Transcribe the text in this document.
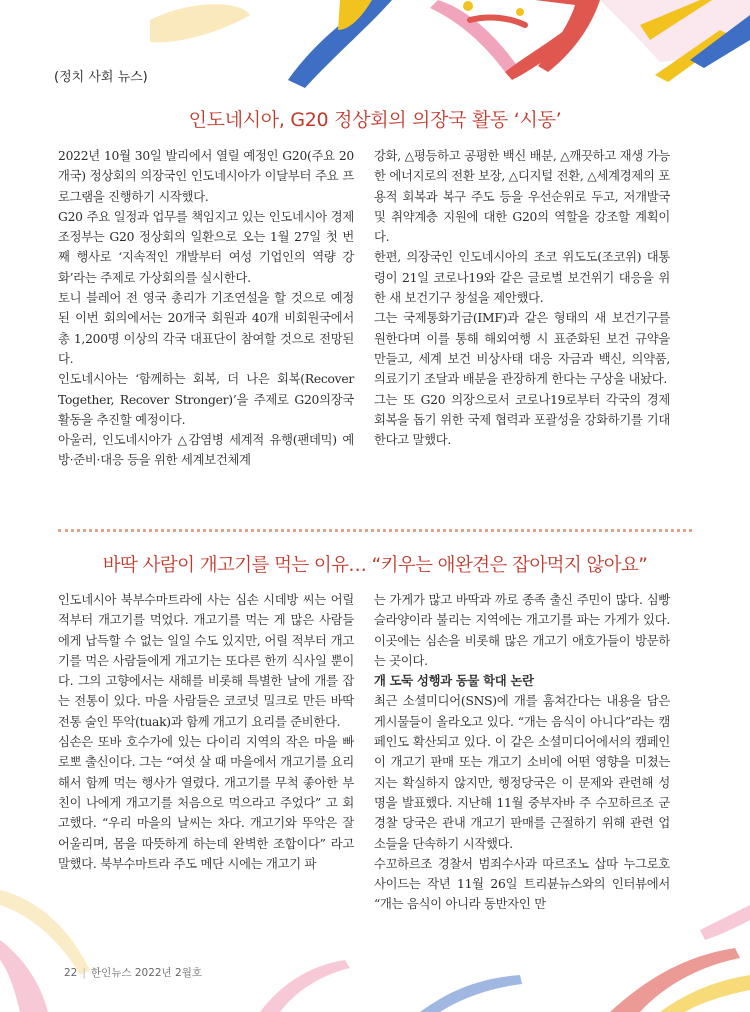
(정치 사회 뉴스)
인도네시아, G20 정상회의 의장국 활동 ‘시동’

2022년 10월 30일 발리에서 열릴 예정인 G20(주요 20개국) 정상회의 의장국인 인도네시아가 이달부터 주요 프로그램을 진행하기 시작했다.

G20 주요 일정과 업무를 책임지고 있는 인도네시아 경제조정부는 G20 정상회의 일환으로 오는 1월 27일 첫 번째 행사로 ‘지속적인 개발부터 여성 기업인의 역량 강화’라는 주제로 가상회의를 실시한다.

토니 블레어 전 영국 총리가 기조연설을 할 것으로 예정된 이번 회의에서는 20개국 회원과 40개 비회원국에서 총 1,200명 이상의 각국 대표단이 참여할 것으로 전망된다.

인도네시아는 ‘함께하는 회복, 더 나은 회복(Recover Together, Recover Stronger)’을 주제로 G20의장국 활동을 추진할 예정이다.

아울러, 인도네시아가 △감염병 세계적 유행(팬데믹) 예방·준비·대응 등을 위한 세계보건체계

강화, △평등하고 공평한 백신 배분, △깨끗하고 재생 가능한 에너지로의 전환 보장, △디지털 전환, △세계경제의 포용적 회복과 복구 주도 등을 우선순위로 두고, 저개발국 및 취약계층 지원에 대한 G20의 역할을 강조할 계획이다.

한편, 의장국인 인도네시아의 조코 위도도(조코위) 대통령이 21일 코로나19와 같은 글로벌 보건위기 대응을 위한 새 보건기구 창설을 제안했다.

그는 국제통화기금(IMF)과 같은 형태의 새 보건기구를 원한다며 이를 통해 해외여행 시 표준화된 보건 규약을 만들고, 세계 보건 비상사태 대응 자금과 백신, 의약품, 의료기기 조달과 배분을 관장하게 한다는 구상을 내놨다.

그는 또 G20 의장으로서 코로나19로부터 각국의 경제 회복을 돕기 위한 국제 협력과 포괄성을 강화하기를 기대한다고 말했다.

바딱 사람이 개고기를 먹는 이유… “키우는 애완견은 잡아먹지 않아요”

인도네시아 북부수마트라에 사는 심손 시데방 씨는 어릴 적부터 개고기를 먹었다. 개고기를 먹는 게 많은 사람들에게 납득할 수 없는 일일 수도 있지만, 어릴 적부터 개고기를 먹은 사람들에게 개고기는 또다른 한끼 식사일 뿐이다. 그의 고향에서는 새해를 비롯해 특별한 날에 개를 잡는 전통이 있다. 마을 사람들은 코코넛 밀크로 만든 바딱 전통 술인 뚜악(tuak)과 함께 개고기 요리를 준비한다.

심손은 또바 호수가에 있는 다이리 지역의 작은 마을 빠로뽀 출신이다. 그는 “여섯 살 때 마을에서 개고기를 요리해서 함께 먹는 행사가 열렸다. 개고기를 무척 좋아한 부친이 나에게 개고기를 처음으로 먹으라고 주었다” 고 회고했다. “우리 마을의 날씨는 차다. 개고기와 뚜악은 잘 어울리며, 몸을 따뜻하게 하는데 완벽한 조합이다” 라고 말했다. 북부수마트라 주도 메단 시에는 개고기 파

는 가게가 많고 바딱과 까로 종족 출신 주민이 많다. 심빵 슬라양이라 불리는 지역에는 개고기를 파는 가게가 있다. 이곳에는 심손을 비롯해 많은 개고기 애호가들이 방문하는 곳이다.

개 도둑 성행과 동물 학대 논란

최근 소셜미디어(SNS)에 개를 훔쳐간다는 내용을 담은 게시물들이 올라오고 있다. “개는 음식이 아니다”라는 캠페인도 확산되고 있다. 이 같은 소셜미디어에서의 캠페인이 개고기 판매 또는 개고기 소비에 어떤 영향을 미쳤는 지는 확실하지 않지만, 행정당국은 이 문제와 관련해 성명을 발표했다. 지난해 11월 중부자바 주 수꼬하르조 군 경찰 당국은 관내 개고기 판매를 근절하기 위해 관련 업소들을 단속하기 시작했다.

수꼬하르조 경찰서 범죄수사과 따르조노 삽따 누그로호 사이드는 작년 11월 26일 트리뷴뉴스와의 인터뷰에서 “개는 음식이 아니라 동반자인 만

22 | 한인뉴스 2022년 2월호
